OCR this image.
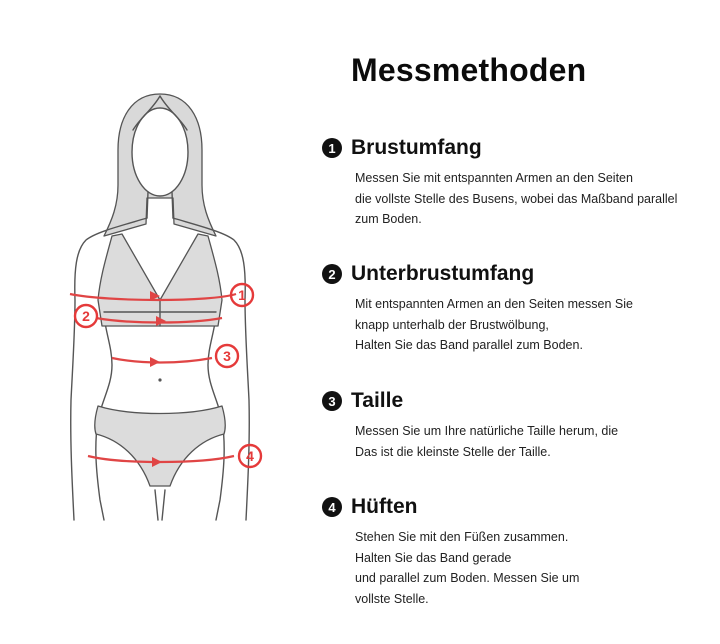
1
2
3
4
Messmethoden
1 Brustumfang
Messen Sie mit entspannten Armen an den Seiten
die vollste Stelle des Busens, wobei das Maßband parallel
zum Boden.
2 Unterbrustumfang
Mit entspannten Armen an den Seiten messen Sie
knapp unterhalb der Brustwölbung,
Halten Sie das Band parallel zum Boden.
3 Taille
Messen Sie um Ihre natürliche Taille herum, die
Das ist die kleinste Stelle der Taille.
4 Hüften
Stehen Sie mit den Füßen zusammen.
Halten Sie das Band gerade
und parallel zum Boden. Messen Sie um
vollste Stelle.
